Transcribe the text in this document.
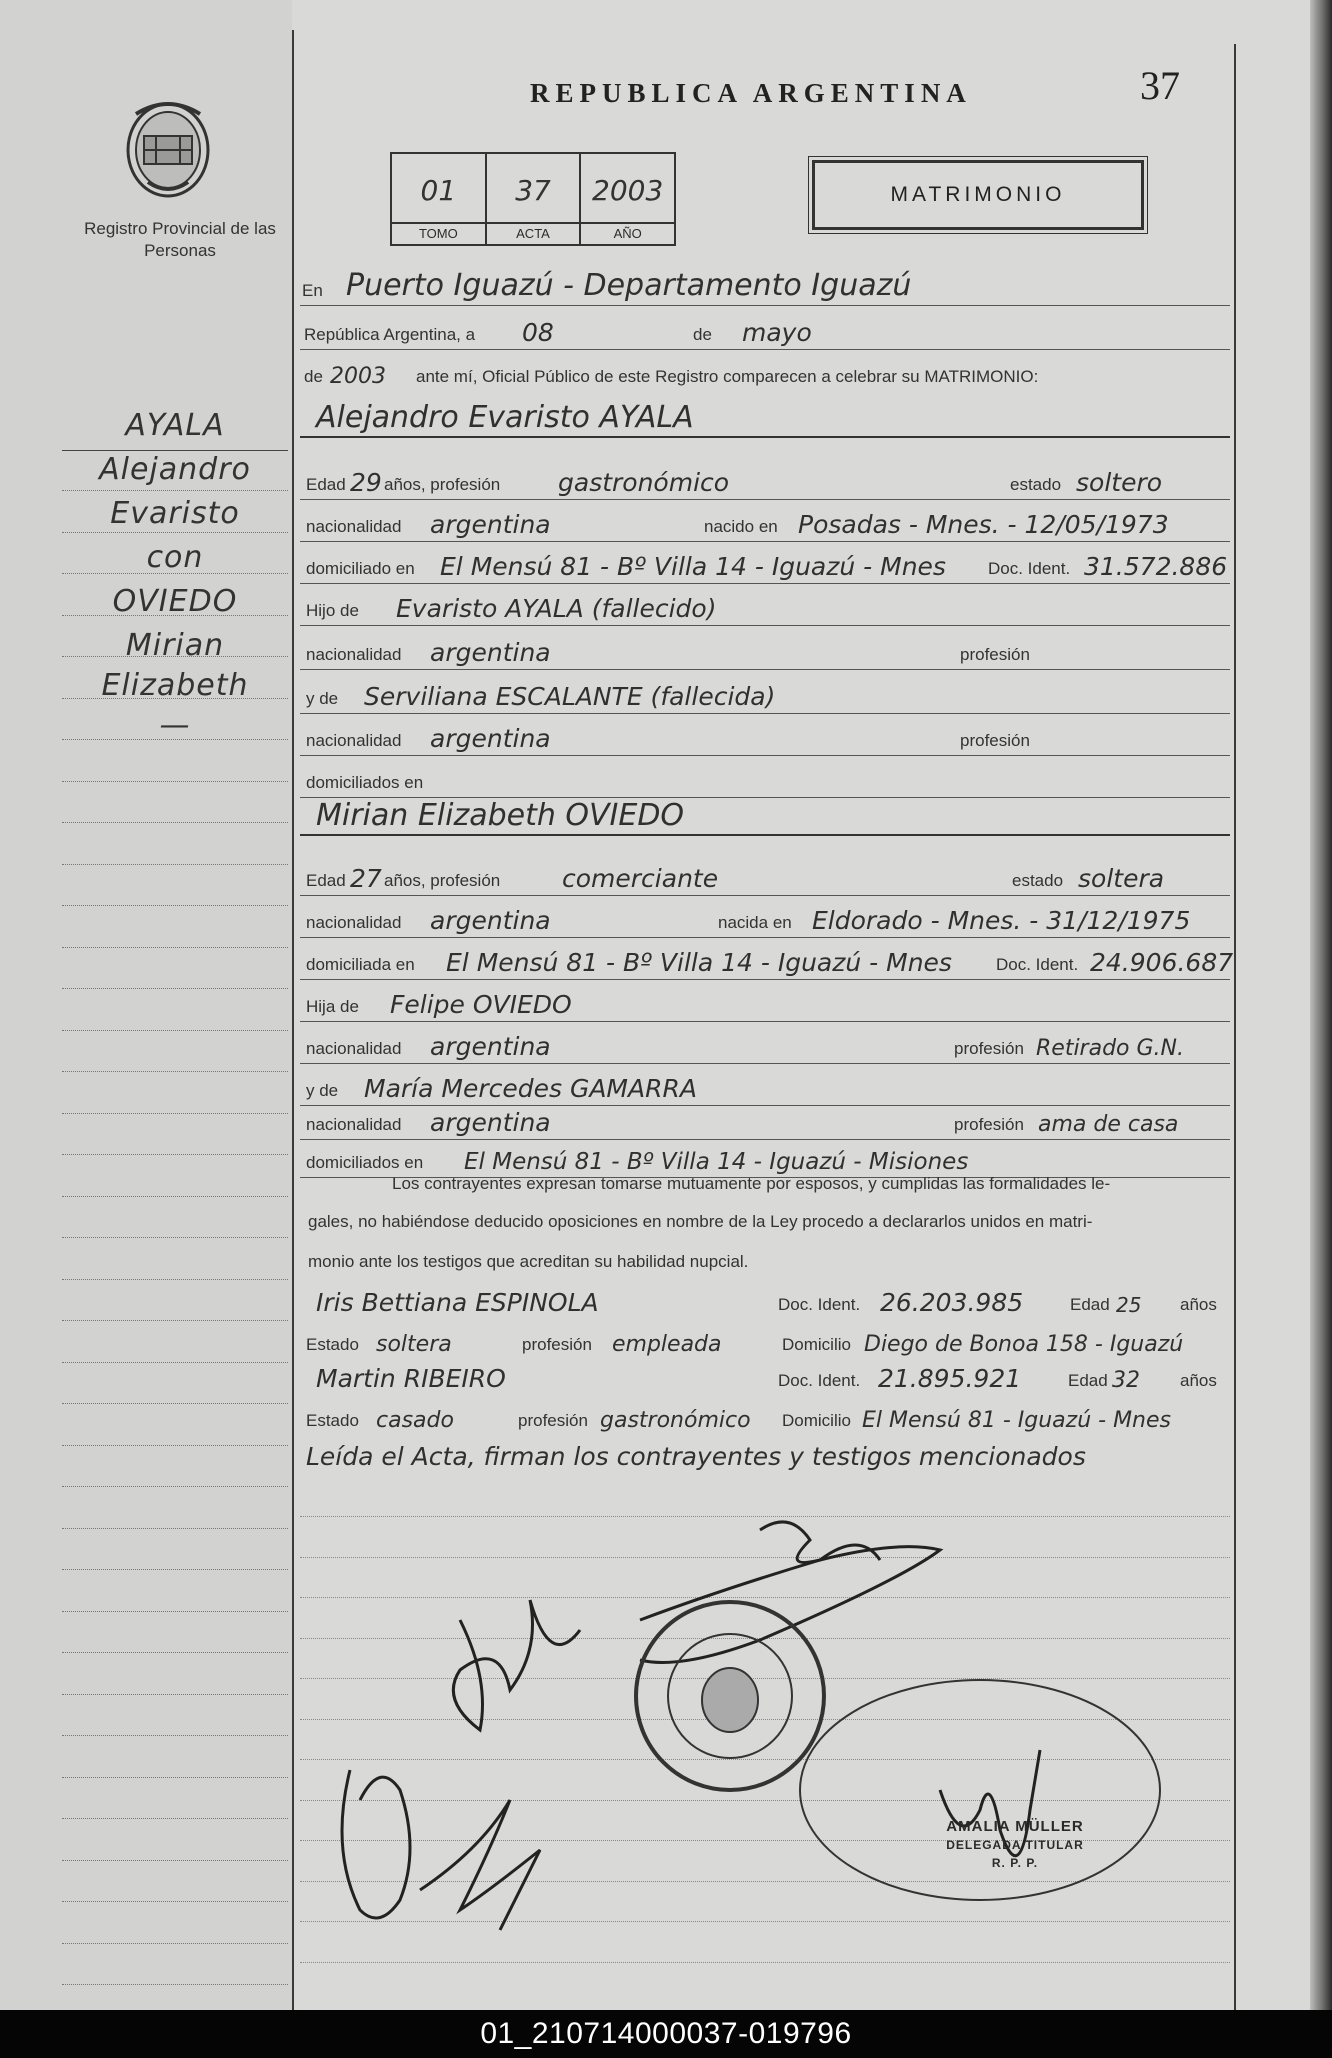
Registro Provincial de las Personas
REPUBLICA ARGENTINA	37
01
TOMO
37
ACTA
2003
AÑO
MATRIMONIO
AYALA
Alejandro
Evaristo
con
OVIEDO
Mirian
Elizabeth
—
En Puerto Iguazú - Departamento Iguazú
República Argentina, a 08	de mayo
de 2003 ante mí, Oficial Público de este Registro comparecen a celebrar su MATRIMONIO:
Alejandro Evaristo AYALA
Edad 29 años, profesión gastronómico	estado soltero
nacionalidad argentina	nacido en Posadas - Mnes. - 12/05/1973
domiciliado en El Mensú 81 - Bº Villa 14 - Iguazú - Mnes Doc. Ident. 31.572.886
Hijo de Evaristo AYALA (fallecido)
nacionalidad argentina	profesión
y de Serviliana ESCALANTE (fallecida)
nacionalidad argentina	profesión
domiciliados en
Mirian Elizabeth OVIEDO
Edad 27 años, profesión comerciante	estado soltera
nacionalidad argentina	nacida en Eldorado - Mnes. - 31/12/1975
domiciliada en El Mensú 81 - Bº Villa 14 - Iguazú - Mnes	Doc. Ident. 24.906.687
Hija de Felipe OVIEDO
nacionalidad argentina	profesión Retirado G.N.
y de María Mercedes GAMARRA
nacionalidad argentina	profesión ama de casa
domiciliados en El Mensú 81 - Bº Villa 14 - Iguazú - Misiones
Los contrayentes expresan tomarse mutuamente por esposos, y cumplidas las formalidades le-
gales, no habiéndose deducido oposiciones en nombre de la Ley procedo a declararlos unidos en matri-
monio ante los testigos que acreditan su habilidad nupcial.
Iris Bettiana ESPINOLA	Doc. Ident. 26.203.985	Edad 25 años
Estado soltera	profesión empleada	Domicilio Diego de Bonoa 158 - Iguazú
Martin RIBEIRO	Doc. Ident. 21.895.921	Edad 32 años
Estado casado	profesión gastronómico Domicilio El Mensú 81 - Iguazú - Mnes
Leída el Acta, firman los contrayentes y testigos mencionados
AMALIA MÜLLER
DELEGADA TITULAR
R. P. P.
01_210714000037-019796
